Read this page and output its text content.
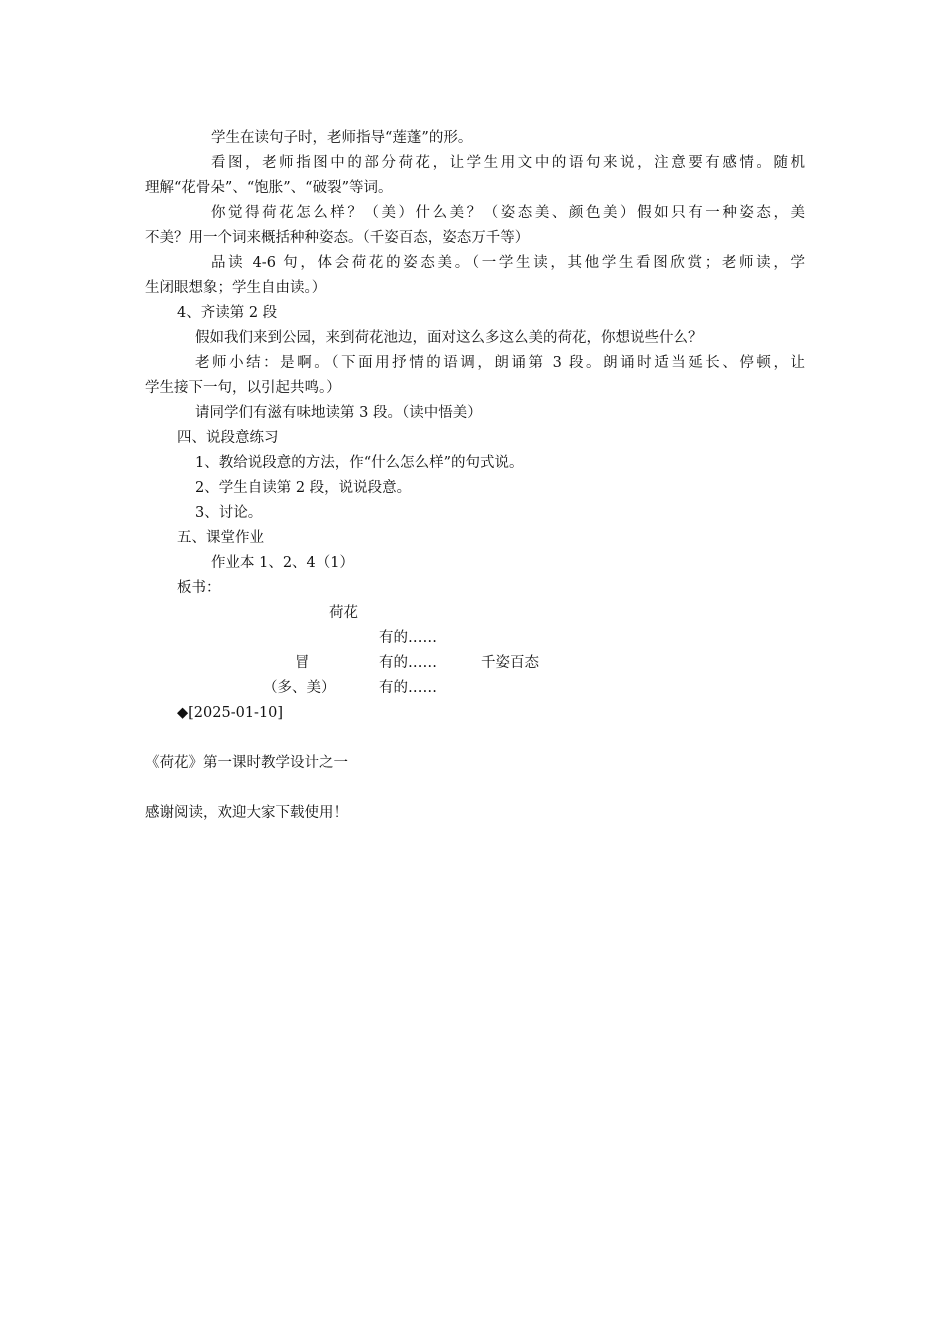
学生在读句子时，老师指导“莲蓬”的形。
看图，老师指图中的部分荷花，让学生用文中的语句来说，注意要有感情。随机
理解“花骨朵”、“饱胀”、“破裂”等词。
你觉得荷花怎么样？（美）什么美？（姿态美、颜色美）假如只有一种姿态，美
不美？用一个词来概括种种姿态。（千姿百态，姿态万千等）
品读 4-6 句，体会荷花的姿态美。（一学生读，其他学生看图欣赏；老师读，学
生闭眼想象；学生自由读。）
4、齐读第 2 段
假如我们来到公园，来到荷花池边，面对这么多这么美的荷花，你想说些什么？
老师小结：是啊。（下面用抒情的语调，朗诵第 3 段。朗诵时适当延长、停顿，让
学生接下一句，以引起共鸣。）
请同学们有滋有味地读第 3 段。（读中悟美）
四、说段意练习
1、教给说段意的方法，作“什么怎么样”的句式说。
2、学生自读第 2 段，说说段意。
3、讨论。
五、课堂作业
作业本 1、2、4（1）
板书：
荷花
有的……
冒	有的……	千姿百态
（多、美）	有的……
◆[2025-01-10]
《荷花》第一课时教学设计之一
感谢阅读，欢迎大家下载使用！
